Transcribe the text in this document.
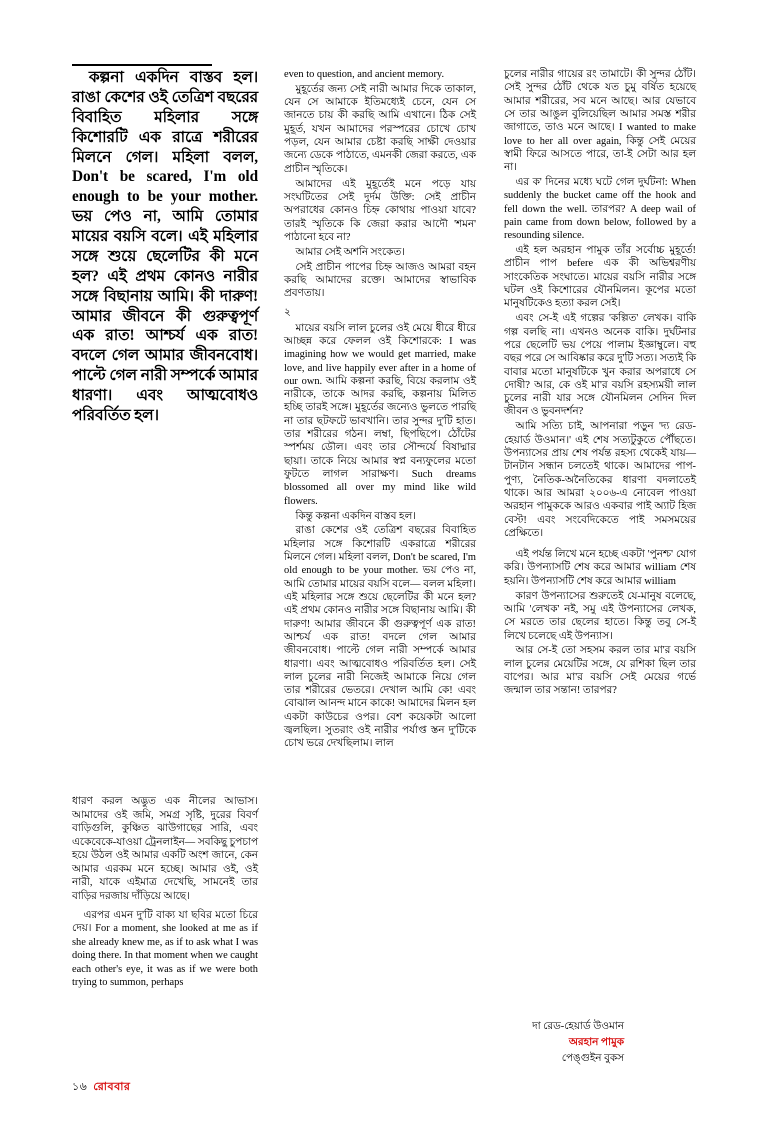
কল্পনা একদিন বাস্তব হল। রাঙা কেশের ওই তেত্রিশ বছরের বিবাহিত মহিলার সঙ্গে কিশোরটি এক রাত্রে শরীরের মিলনে গেল। মহিলা বলল, Don't be scared, I'm old enough to be your mother. ভয় পেও না, আমি তোমার মায়ের বয়সি বলে। এই মহিলার সঙ্গে শুয়ে ছেলেটির কী মনে হল? এই প্রথম কোনও নারীর সঙ্গে বিছানায় আমি। কী দারুণ! আমার জীবনে কী গুরুত্বপূর্ণ এক রাত! আশ্চর্য এক রাত! বদলে গেল আমার জীবনবোধ। পাল্টে গেল নারী সম্পর্কে আমার ধারণা। এবং আত্মবোধও পরিবর্তিত হল।

ধারণ করল অদ্ভুত এক নীলের আভাস। আমাদের ওই জমি, সমগ্র সৃষ্টি, দুরের বিবর্ণ বাড়িগুলি, কুঞ্চিত ঝাউগাছের সারি, এবং একেবেকে-যাওয়া ট্রেনলাইন— সবকিছু চুপচাপ হয়ে উঠল ওই আমার একটি অংশ জানে, কেন আমার এরকম মনে হচ্ছে। আমার ওই, ওই নারী, যাকে এইমাত্র দেখেছি, সামনেই তার বাড়ির দরজায় দাঁড়িয়ে আছে।

এরপর এমন দু'টি বাক্য যা ছবির মতো চিরে দেয়। For a moment, she looked at me as if she already knew me, as if to ask what I was doing there. In that moment when we caught each other's eye, it was as if we were both trying to summon, perhaps

even to question, and ancient memory.

মুহূর্তের জন্য সেই নারী আমার দিকে তাকাল, যেন সে আমাকে ইতিমধ্যেই চেনে, যেন সে জানতে চায় কী করছি আমি এখানে। ঠিক সেই মুহূর্ত, যখন আমাদের পরস্পরের চোখে চোখ পড়ল, যেন আমার চেষ্টা করছি সাক্ষী দেওয়ার জন্যে ডেকে পাঠাতে, এমনকী জেরা করতে, এক প্রাচীন স্মৃতিকে।

আমাদের এই মুহূর্তেই মনে পড়ে যায় সংঘটিতের সেই দুর্দম উক্তি: সেই প্রাচীন অপরাধের কোনও চিহ্ন কোথায় পাওয়া যাবে? তারই স্মৃতিকে কি জেরা করার আদৌ 'শমন' পাঠানো হবে না?

আমার সেই অশনি সংকেত।

সেই প্রাচীন পাপের চিহ্ন আজও আমরা বহন করছি আমাদের রক্তে। আমাদের স্বাভাবিক প্রবণতায়।

২

মায়ের বয়সি লাল চুলের ওই মেয়ে ধীরে ধীরে আচ্ছন্ন করে ফেলল ওই কিশোরকে: I was imagining how we would get married, make love, and live happily ever after in a home of our own. আমি কল্পনা করছি, বিয়ে করলাম ওই নারীকে, তাকে আদর করছি, কল্পনায় মিলিত হচ্ছি তারই সঙ্গে। মুহূর্তের জন্যেও ভুলতে পারছি না তার ছটফটে ভাবখানি। তার সুন্দর দু'টি হাত। তার শরীরের গঠন। লম্বা, ছিপছিপে। ঠোঁটের স্পর্শময় ডৌল। এবং তার সৌন্দর্যে বিষাদ্মার ছায়া। তাকে নিয়ে আমার স্বপ্ন বন্যফুলের মতো ফুটতে লাগল সারাক্ষণ। Such dreams blossomed all over my mind like wild flowers.

কিন্তু কল্পনা একদিন বাস্তব হল।

রাঙা কেশের ওই তেত্রিশ বছরের বিবাহিত মহিলার সঙ্গে কিশোরটি একরাত্রে শরীরের মিলনে গেল। মহিলা বলল, Don't be scared, I'm old enough to be your mother. ভয় পেও না, আমি তোমার মায়ের বয়সি বলে— বলল মহিলা। এই মহিলার সঙ্গে শুয়ে ছেলেটির কী মনে হল? এই প্রথম কোনও নারীর সঙ্গে বিছানায় আমি। কী দারুণ! আমার জীবনে কী গুরুত্বপূর্ণ এক রাত! আশ্চর্য এক রাত! বদলে গেল আমার জীবনবোধ। পাল্টে গেল নারী সম্পর্কে আমার ধারণা। এবং আত্মবোধও পরিবর্তিত হল। সেই লাল চুলের নারী নিজেই আমাকে নিয়ে গেল তার শরীরের ভেতরে। দেখাল আমি কে! এবং বোঝাল আনন্দ মানে কাকে! আমাদের মিলন হল একটা কাউচের ওপর। বেশ কয়েকটা আলো জ্বলছিল। সুতরাং ওই নারীর পর্যাপ্ত স্তন দু'টিকে চোখ ভরে দেখছিলাম। লাল

চুলের নারীর গায়ের রং তামাটে। কী সুন্দর ঠোঁট। সেই সুন্দর ঠোঁট থেকে যত চুমু বর্ষিত হয়েছে আমার শরীরের, সব মনে আছে। আর যেভাবে সে তার আঙুল বুলিয়েছিল আমার সমস্ত শরীর জাগাতে, তাও মনে আছে। I wanted to make love to her all over again, কিন্তু সেই মেয়ের স্বামী ফিরে আসতে পারে, তা-ই সেটা আর হল না।

এর ক' দিনের মধ্যে ঘটে গেল দুর্ঘটনা: When suddenly the bucket came off the hook and fell down the well. তারপর? A deep wail of pain came from down below, followed by a resounding silence.

এই হল অরহান পামুক তাঁর সর্বোচ্চ মুহূর্তে! প্রাচীন পাপ befere এক কী অভিশ্বরণীয় সাংকেতিক সংঘাতে। মায়ের বয়সি নারীর সঙ্গে ঘটল ওই কিশোরের যৌনমিলন। কূপের মতো মানুষটিকেও হত্যা করল সেই।

এবং সে-ই এই গল্পের 'কল্পিত' লেখক। বাকি গল্প বলছি না। এখনও অনেক বাকি। দুর্ঘটনার পরে ছেলেটি ভয় পেয়ে পালাম ইজ্ঞাম্বুলে। বহু বছর পরে সে আবিষ্কার করে দু'টি সত্য। সত্যই কি বাবার মতো মানুষটিকে খুন করার অপরাধে সে দোষী? আর, কে ওই মা'র বয়সি রহস্যময়ী লাল চুলের নারী যার সঙ্গে যৌনমিলন সেদিন দিল জীবন ও ভুবনদর্শন?

আমি সত্যি চাই, আপনারা পড়ুন 'দ্য রেড-হেয়ার্ড উওমান।' এই শেষ সত্যটুকুতে পৌঁছতে। উপন্যাসের প্রায় শেষ পর্যন্ত রহস্য থেকেই যায়— টানটান সন্ধান চলতেই থাকে। আমাদের পাপ-পুণ্য, নৈতিক-অনৈতিকের ধারণা বদলাতেই থাকে। আর আমরা ২০০৬-এ নোবেল পাওয়া অরহান পামুককে আরও একবার পাই অ্যাট হিজ বেস্ট! এবং সংবেদিকেতে পাই সমসময়ের প্রেক্ষিতে।

এই পর্যন্ত লিখে মনে হচ্ছে একটা 'পুনশ্চ' যোগ করি। উপন্যাসটি শেষ করে আমার william শেষ হয়নি। উপন্যাসটি শেষ করে আমার william

কারণ উপন্যাসের শুরুতেই যে-মানুষ বলেছে, আমি 'লেখক' নই, সমু এই উপন্যাসের লেখক, সে মরতে তার ছেলের হাতে। কিন্তু তবু সে-ই লিখে চলেছে এই উপন্যাস।

আর সে-ই তো সহসম করল তার মা'র বয়সি লাল চুলের মেয়েটির সঙ্গে, যে রশিকা ছিল তার বাপের। আর মা'র বয়সি সেই মেয়ের গর্ভে জন্মাল তার সন্তান! তারপর?

দা রেড-হেয়ার্ড উওমান
অরহান পামুক
পেঙ্গুইন বুকস
১৬ রোববার
